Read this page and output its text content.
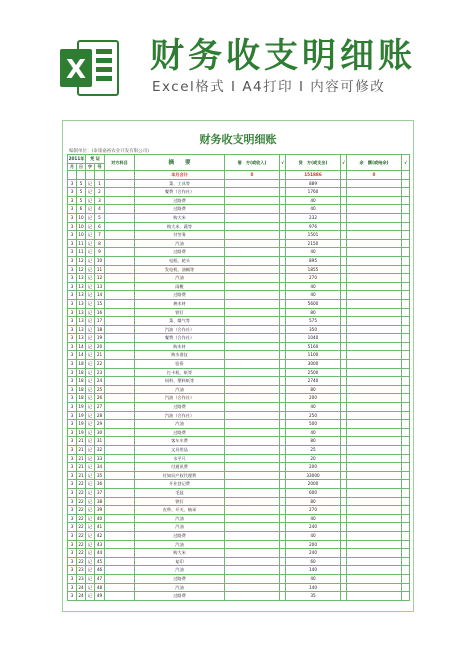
X 财务收支明细账
Excel格式 I A4打印 I 内容可修改
财务收支明细账
编制单位：(泰康嘉裕农业开发有限公司)
2011年		凭 证		对方科目	摘　　要	借　方(或收入)	√	贷　方(或支出)	√	余　额(或结余)	√
月	日	字	号								
					本月合计	0		151886		0	
3	5	记	1		菜、工具等			889			
3	5	记	2		餐费（合作社）			1760			
3	5	记	3		过路费			40			
3	6	记	4		过路费			40			
3	10	记	5		购大米			232			
3	10	记	6		购大米、蔬等			976			
3	10	记	7		付劳务			1501			
3	11	记	8		汽油			2150			
3	11	记	9		过路费			40			
3	12	记	10		电瓶、轮头			895			
3	12	记	11		发电机、油桶等			1855			
3	13	记	12		汽油			270			
3	13	记	13		雨靴			40			
3	13	记	14		过路费			40			
3	13	记	15		秧木材			5600			
3	13	记	16		铁钉			80			
3	13	记	17		菜、煤气等			575			
3	13	记	18		汽油（合作社）			350			
3	13	记	19		餐费（合作社）			1040			
3	14	记	20		购木材			5160			
3	14	记	21		购水准仪			1100			
3	18	记	22		验资			3000			
3	18	记	23		打卡机、纸等			2500			
3	18	记	24		饲料、塑料纸等			2740			
3	18	记	25		汽油			80			
3	18	记	26		汽油（合作社）			200			
3	19	记	27		过路费			40			
3	19	记	28		汽油（合作社）			250			
3	19	记	29		汽油			500			
3	19	记	30		过路费			40			
3	21	记	31		客车车费			80			
3	21	记	32		文具用品			25			
3	21	记	33		水平尺			20			
3	21	记	34		付通讯费			200			
3	21	记	35		付知识产权代理费			33000			
3	22	记	36		开业登记费			2000			
3	22	记	37		毛毡			600			
3	22	记	38		铁钉			80			
3	22	记	39		皮带、开关、轴承			270			
3	22	记	40		汽油			40			
3	22	记	41		汽油			240			
3	22	记	42		过路费			40			
3	22	记	43		汽油			200			
3	22	记	44		购大米			240			
3	22	记	45		复印			60			
3	23	记	46		汽油			140			
3	23	记	47		过路费			40			
3	24	记	48		汽油			140			
3	24	记	49		过路费			35			
